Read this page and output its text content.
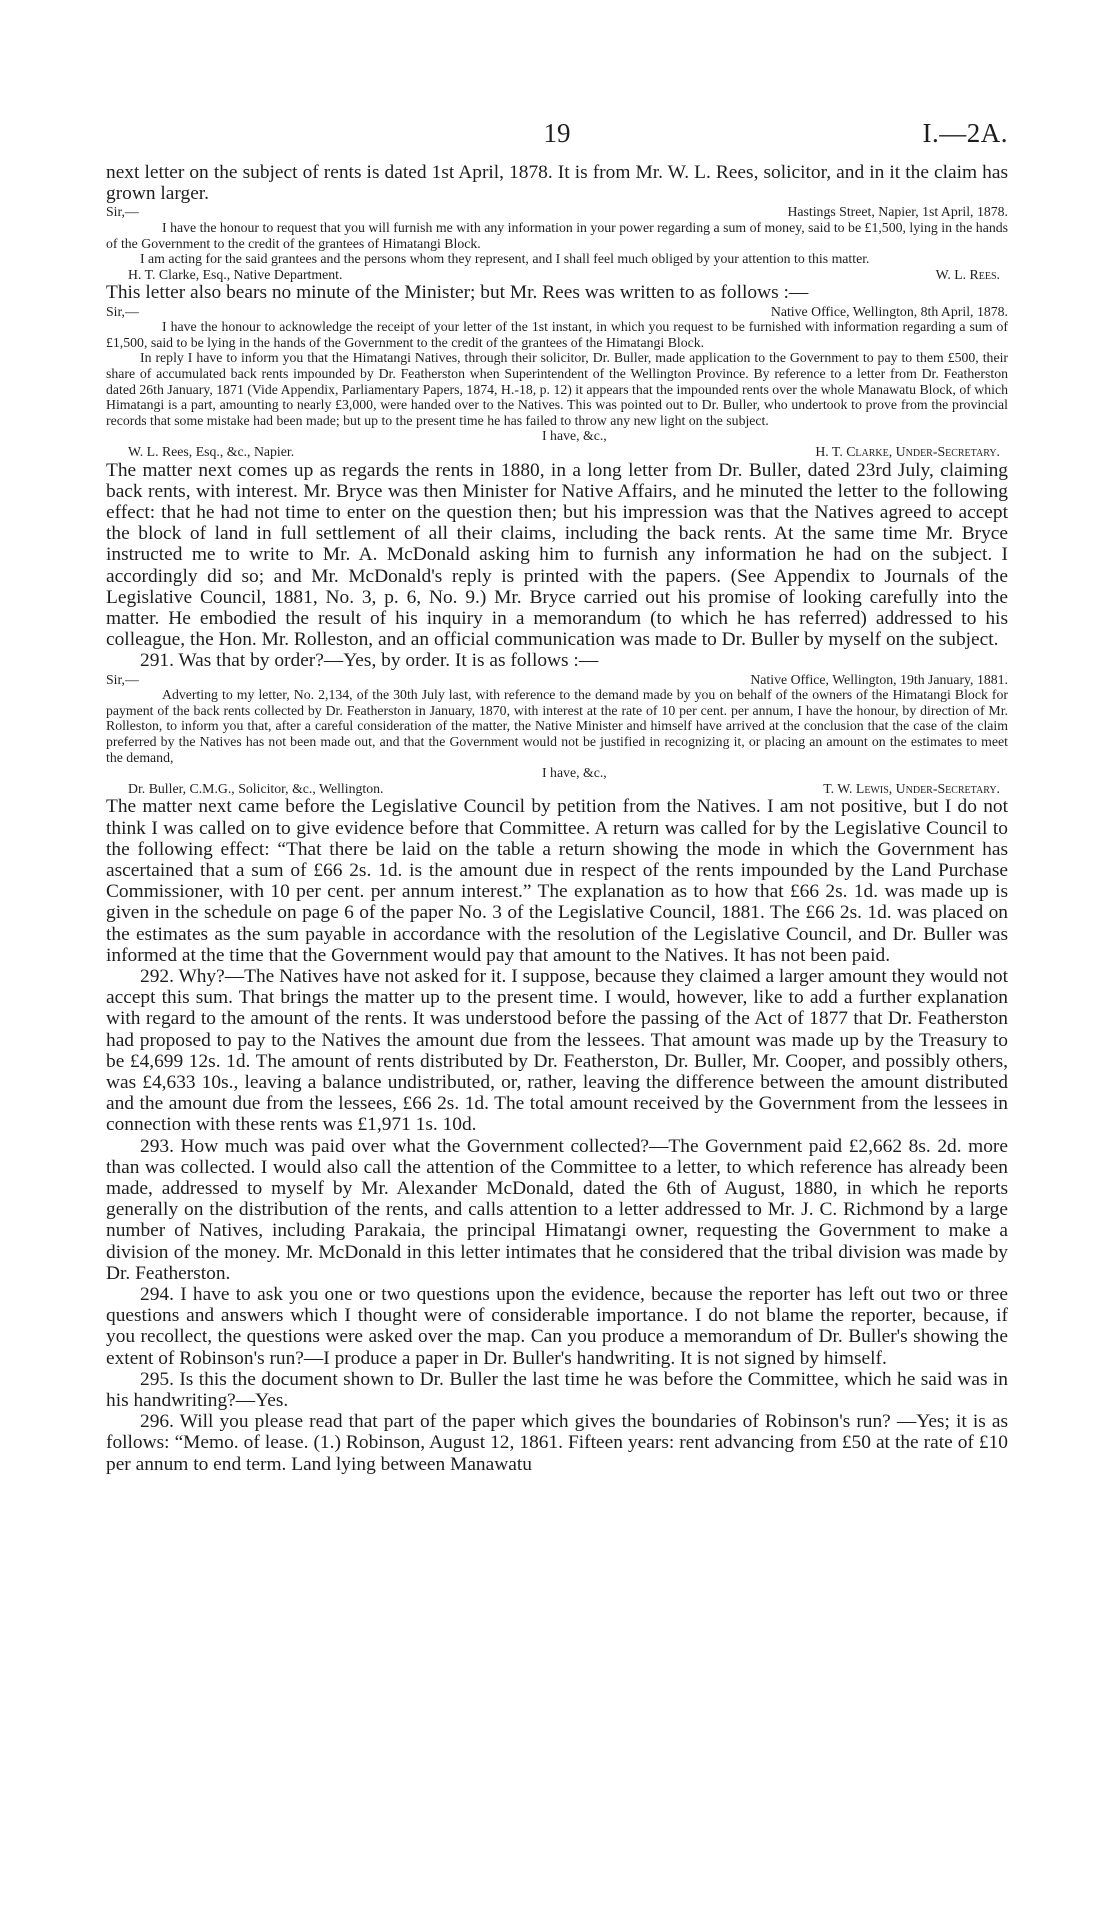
19	I.—2A.

next letter on the subject of rents is dated 1st April, 1878. It is from Mr. W. L. Rees, solicitor, and in it the claim has grown larger.

Sir,—	Hastings Street, Napier, 1st April, 1878.

I have the honour to request that you will furnish me with any information in your power regarding a sum of money, said to be £1,500, lying in the hands of the Government to the credit of the grantees of Himatangi Block.

I am acting for the said grantees and the persons whom they represent, and I shall feel much obliged by your attention to this matter.

H. T. Clarke, Esq., Native Department.	W. L. Rees.

This letter also bears no minute of the Minister; but Mr. Rees was written to as follows :—

Sir,—	Native Office, Wellington, 8th April, 1878.

I have the honour to acknowledge the receipt of your letter of the 1st instant, in which you request to be furnished with information regarding a sum of £1,500, said to be lying in the hands of the Government to the credit of the grantees of the Himatangi Block.

In reply I have to inform you that the Himatangi Natives, through their solicitor, Dr. Buller, made application to the Government to pay to them £500, their share of accumulated back rents impounded by Dr. Featherston when Superintendent of the Wellington Province. By reference to a letter from Dr. Featherston dated 26th January, 1871 (Vide Appendix, Parliamentary Papers, 1874, H.-18, p. 12) it appears that the impounded rents over the whole Manawatu Block, of which Himatangi is a part, amounting to nearly £3,000, were handed over to the Natives. This was pointed out to Dr. Buller, who undertook to prove from the provincial records that some mistake had been made; but up to the present time he has failed to throw any new light on the subject.

I have, &c.,

W. L. Rees, Esq., &c., Napier.	H. T. Clarke, Under-Secretary.

The matter next comes up as regards the rents in 1880, in a long letter from Dr. Buller, dated 23rd July, claiming back rents, with interest. Mr. Bryce was then Minister for Native Affairs, and he minuted the letter to the following effect: that he had not time to enter on the question then; but his impression was that the Natives agreed to accept the block of land in full settlement of all their claims, including the back rents. At the same time Mr. Bryce instructed me to write to Mr. A. McDonald asking him to furnish any information he had on the subject. I accordingly did so; and Mr. McDonald's reply is printed with the papers. (See Appendix to Journals of the Legislative Council, 1881, No. 3, p. 6, No. 9.) Mr. Bryce carried out his promise of looking carefully into the matter. He embodied the result of his inquiry in a memorandum (to which he has referred) addressed to his colleague, the Hon. Mr. Rolleston, and an official communication was made to Dr. Buller by myself on the subject.

291. Was that by order?—Yes, by order. It is as follows :—

Sir,—	Native Office, Wellington, 19th January, 1881.

Adverting to my letter, No. 2,134, of the 30th July last, with reference to the demand made by you on behalf of the owners of the Himatangi Block for payment of the back rents collected by Dr. Featherston in January, 1870, with interest at the rate of 10 per cent. per annum, I have the honour, by direction of Mr. Rolleston, to inform you that, after a careful consideration of the matter, the Native Minister and himself have arrived at the conclusion that the case of the claim preferred by the Natives has not been made out, and that the Government would not be justified in recognizing it, or placing an amount on the estimates to meet the demand,

I have, &c.,

Dr. Buller, C.M.G., Solicitor, &c., Wellington.	T. W. Lewis, Under-Secretary.

The matter next came before the Legislative Council by petition from the Natives. I am not positive, but I do not think I was called on to give evidence before that Committee. A return was called for by the Legislative Council to the following effect: “That there be laid on the table a return showing the mode in which the Government has ascertained that a sum of £66 2s. 1d. is the amount due in respect of the rents impounded by the Land Purchase Commissioner, with 10 per cent. per annum interest.” The explanation as to how that £66 2s. 1d. was made up is given in the schedule on page 6 of the paper No. 3 of the Legislative Council, 1881. The £66 2s. 1d. was placed on the estimates as the sum payable in accordance with the resolution of the Legislative Council, and Dr. Buller was informed at the time that the Government would pay that amount to the Natives. It has not been paid.

292. Why?—The Natives have not asked for it. I suppose, because they claimed a larger amount they would not accept this sum. That brings the matter up to the present time. I would, however, like to add a further explanation with regard to the amount of the rents. It was understood before the passing of the Act of 1877 that Dr. Featherston had proposed to pay to the Natives the amount due from the lessees. That amount was made up by the Treasury to be £4,699 12s. 1d. The amount of rents distributed by Dr. Featherston, Dr. Buller, Mr. Cooper, and possibly others, was £4,633 10s., leaving a balance undistributed, or, rather, leaving the difference between the amount distributed and the amount due from the lessees, £66 2s. 1d. The total amount received by the Government from the lessees in connection with these rents was £1,971 1s. 10d.

293. How much was paid over what the Government collected?—The Government paid £2,662 8s. 2d. more than was collected. I would also call the attention of the Committee to a letter, to which reference has already been made, addressed to myself by Mr. Alexander McDonald, dated the 6th of August, 1880, in which he reports generally on the distribution of the rents, and calls attention to a letter addressed to Mr. J. C. Richmond by a large number of Natives, including Parakaia, the principal Himatangi owner, requesting the Government to make a division of the money. Mr. McDonald in this letter intimates that he considered that the tribal division was made by Dr. Featherston.

294. I have to ask you one or two questions upon the evidence, because the reporter has left out two or three questions and answers which I thought were of considerable importance. I do not blame the reporter, because, if you recollect, the questions were asked over the map. Can you produce a memorandum of Dr. Buller's showing the extent of Robinson's run?—I produce a paper in Dr. Buller's handwriting. It is not signed by himself.

295. Is this the document shown to Dr. Buller the last time he was before the Committee, which he said was in his handwriting?—Yes.

296. Will you please read that part of the paper which gives the boundaries of Robinson's run? —Yes; it is as follows: “Memo. of lease. (1.) Robinson, August 12, 1861. Fifteen years: rent advancing from £50 at the rate of £10 per annum to end term. Land lying between Manawatu
